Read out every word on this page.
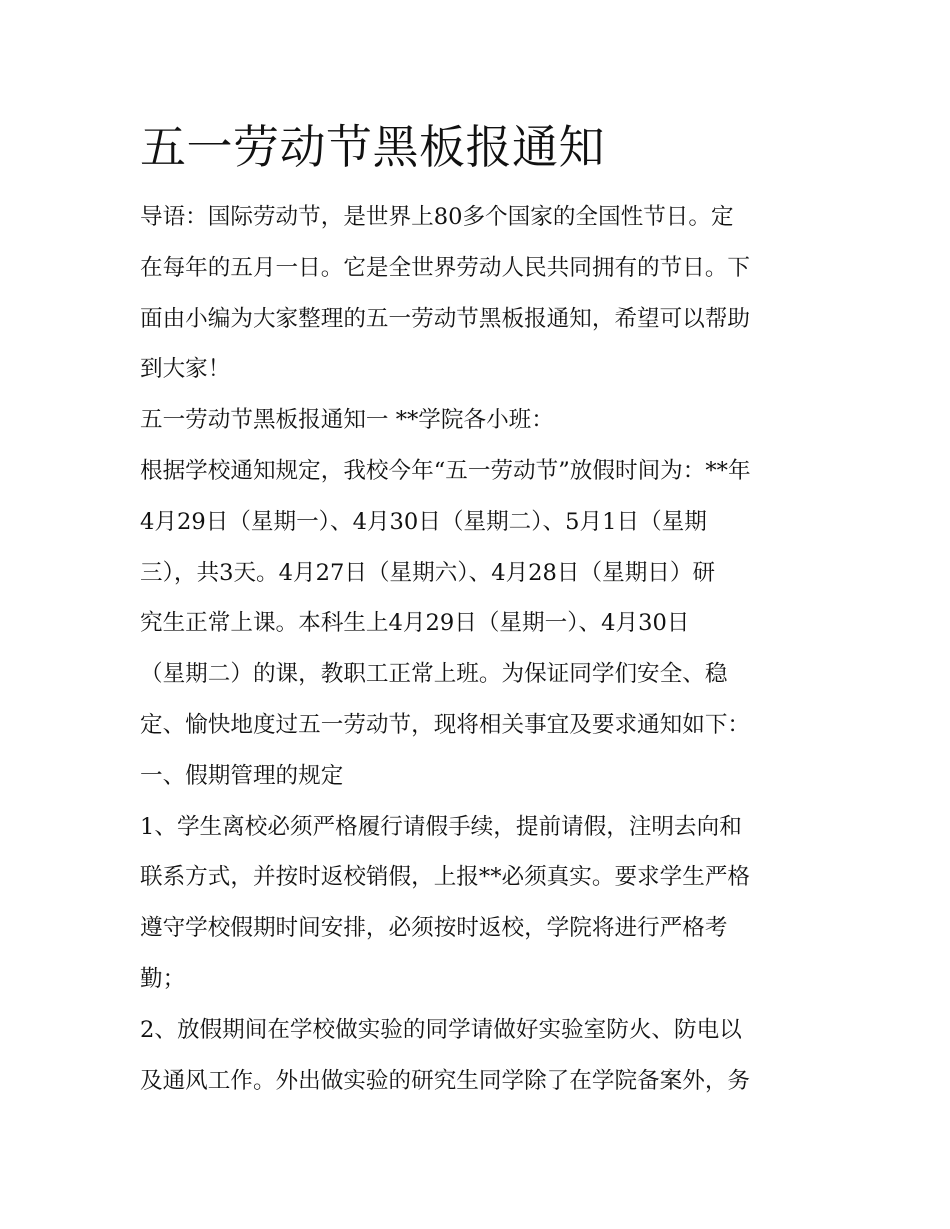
五一劳动节黑板报通知

导语：国际劳动节，是世界上80多个国家的全国性节日。定
在每年的五月一日。它是全世界劳动人民共同拥有的节日。下
面由小编为大家整理的五一劳动节黑板报通知，希望可以帮助
到大家！

五一劳动节黑板报通知一 **学院各小班：

根据学校通知规定，我校今年“五一劳动节”放假时间为：**年
4月29日（星期一）、4月30日（星期二）、5月1日（星期
三），共3天。4月27日（星期六）、4月28日（星期日）研
究生正常上课。本科生上4月29日（星期一）、4月30日
（星期二）的课，教职工正常上班。为保证同学们安全、稳
定、愉快地度过五一劳动节，现将相关事宜及要求通知如下：

一、假期管理的规定

1、学生离校必须严格履行请假手续，提前请假，注明去向和
联系方式，并按时返校销假，上报**必须真实。要求学生严格
遵守学校假期时间安排，必须按时返校，学院将进行严格考
勤；

2、放假期间在学校做实验的同学请做好实验室防火、防电以
及通风工作。外出做实验的研究生同学除了在学院备案外，务
